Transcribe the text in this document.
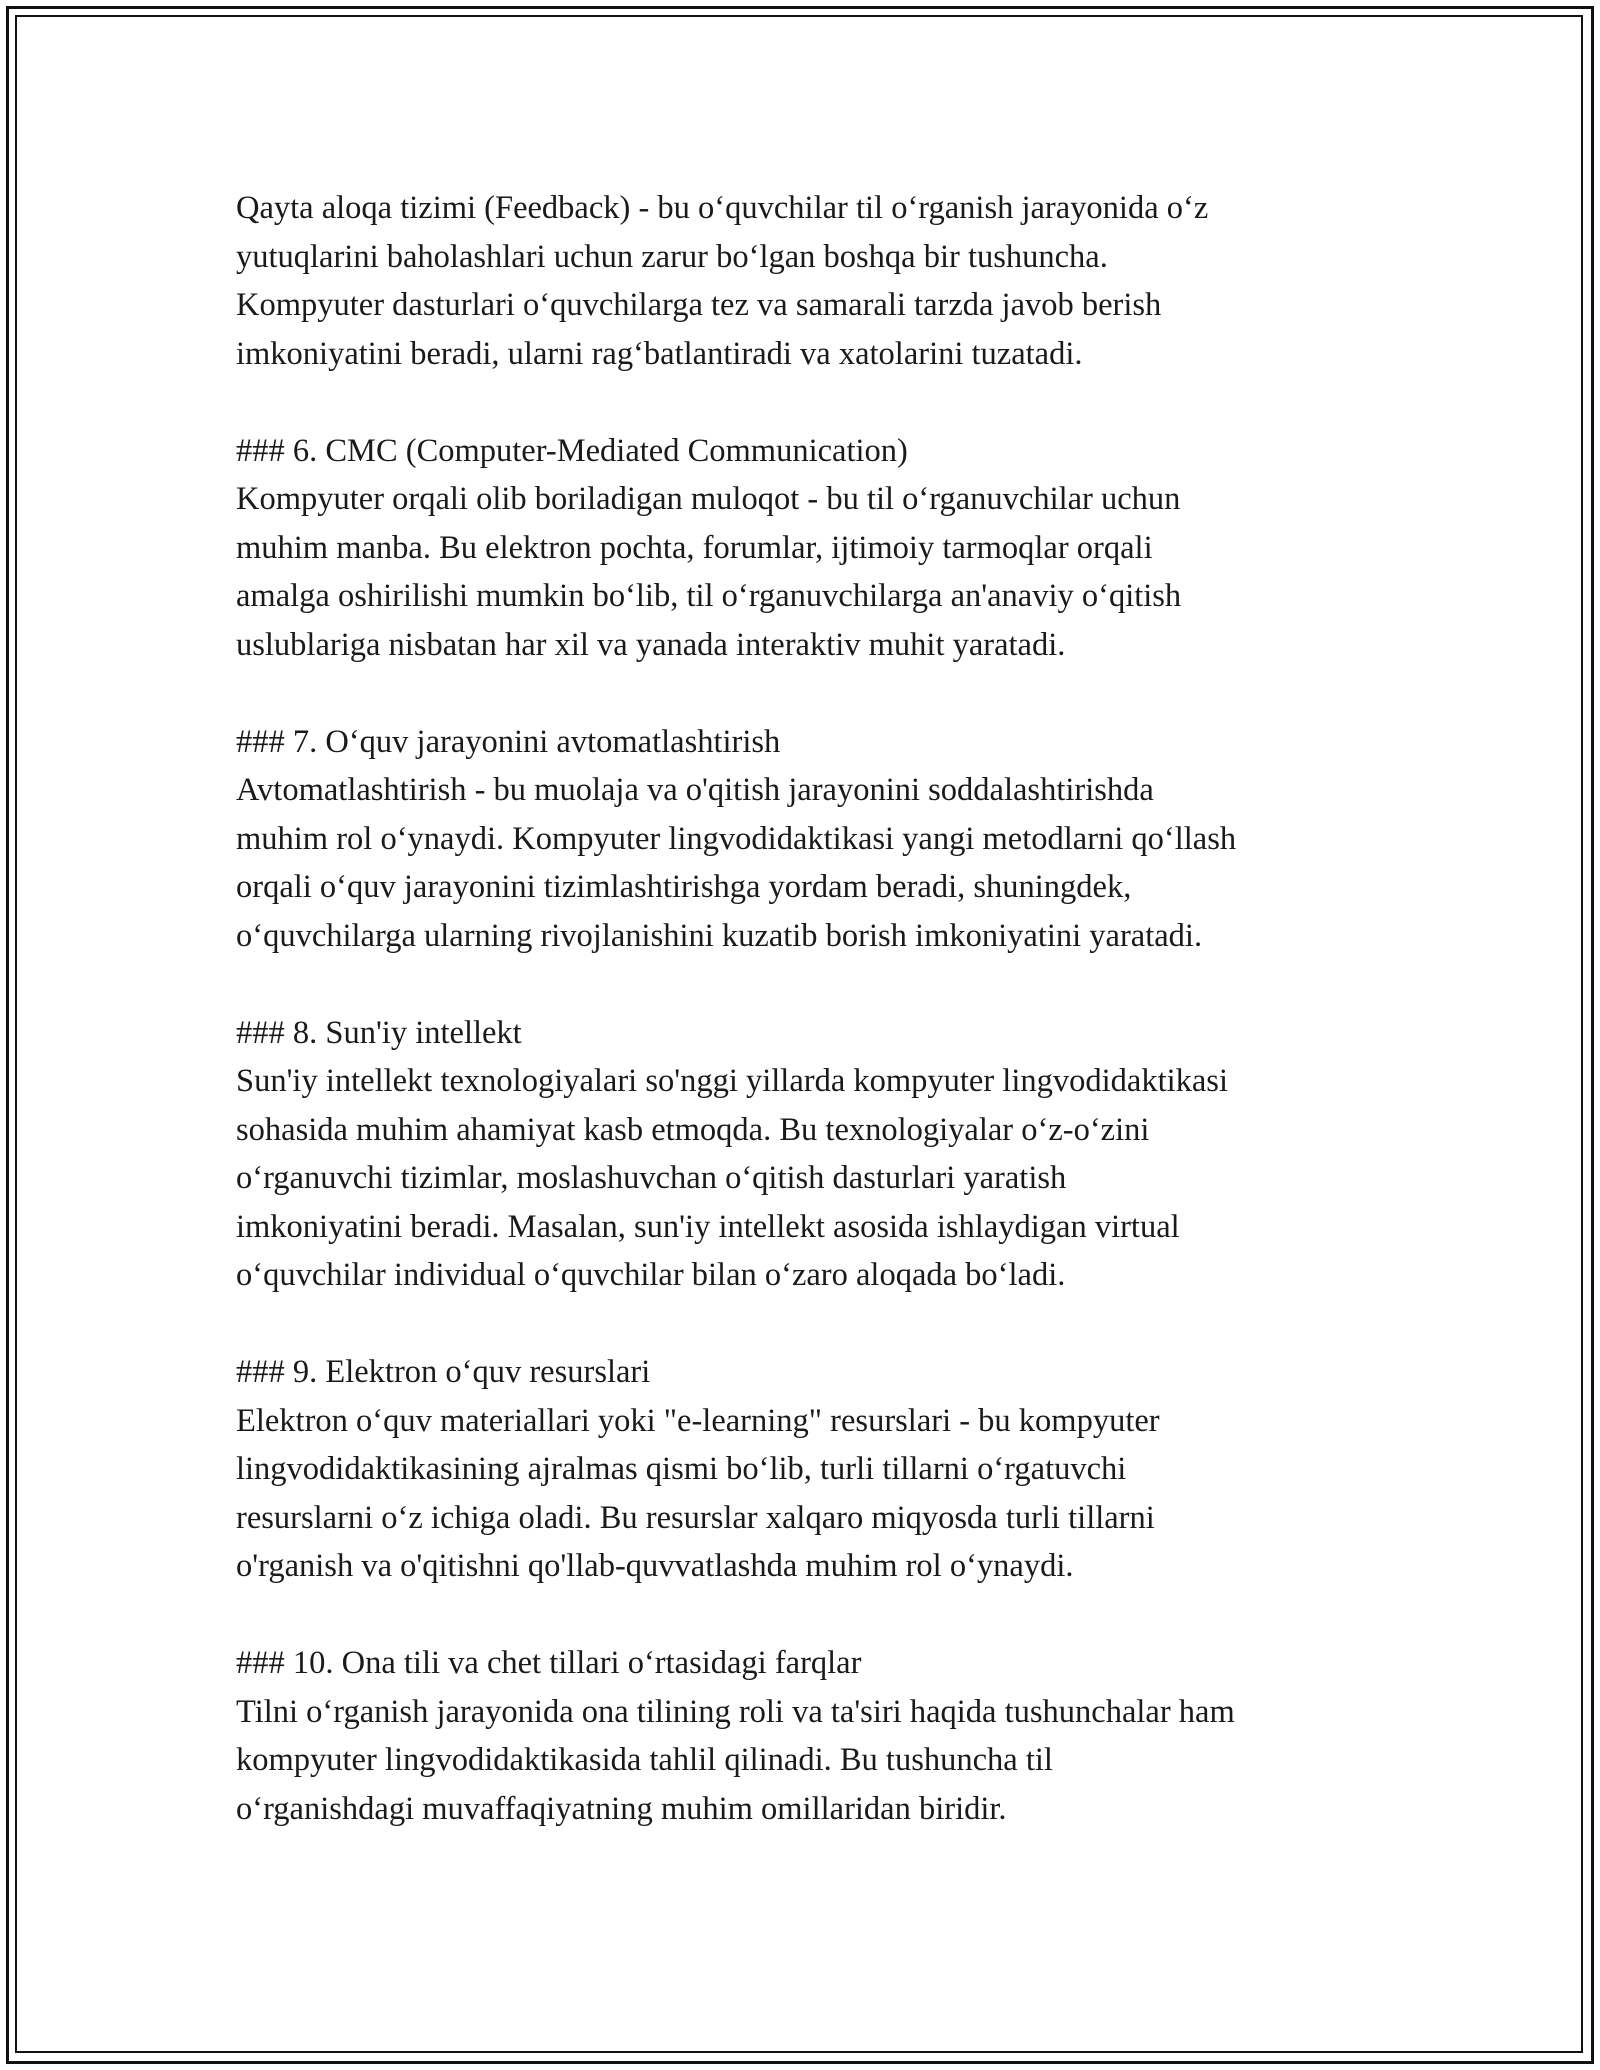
Qayta aloqa tizimi (Feedback) - bu o‘quvchilar til o‘rganish jarayonida o‘z
yutuqlarini baholashlari uchun zarur bo‘lgan boshqa bir tushuncha.
Kompyuter dasturlari o‘quvchilarga tez va samarali tarzda javob berish
imkoniyatini beradi, ularni rag‘batlantiradi va xatolarini tuzatadi.

### 6. CMC (Computer-Mediated Communication)
Kompyuter orqali olib boriladigan muloqot - bu til o‘rganuvchilar uchun
muhim manba. Bu elektron pochta, forumlar, ijtimoiy tarmoqlar orqali
amalga oshirilishi mumkin bo‘lib, til o‘rganuvchilarga an'anaviy o‘qitish
uslublariga nisbatan har xil va yanada interaktiv muhit yaratadi.

### 7. O‘quv jarayonini avtomatlashtirish
Avtomatlashtirish - bu muolaja va o'qitish jarayonini soddalashtirishda
muhim rol o‘ynaydi. Kompyuter lingvodidaktikasi yangi metodlarni qo‘llash
orqali o‘quv jarayonini tizimlashtirishga yordam beradi, shuningdek,
o‘quvchilarga ularning rivojlanishini kuzatib borish imkoniyatini yaratadi.

### 8. Sun'iy intellekt
Sun'iy intellekt texnologiyalari so'nggi yillarda kompyuter lingvodidaktikasi
sohasida muhim ahamiyat kasb etmoqda. Bu texnologiyalar o‘z-o‘zini
o‘rganuvchi tizimlar, moslashuvchan o‘qitish dasturlari yaratish
imkoniyatini beradi. Masalan, sun'iy intellekt asosida ishlaydigan virtual
o‘quvchilar individual o‘quvchilar bilan o‘zaro aloqada bo‘ladi.

### 9. Elektron o‘quv resurslari
Elektron o‘quv materiallari yoki "e-learning" resurslari - bu kompyuter
lingvodidaktikasining ajralmas qismi bo‘lib, turli tillarni o‘rgatuvchi
resurslarni o‘z ichiga oladi. Bu resurslar xalqaro miqyosda turli tillarni
o'rganish va o'qitishni qo'llab-quvvatlashda muhim rol o‘ynaydi.

### 10. Ona tili va chet tillari o‘rtasidagi farqlar
Tilni o‘rganish jarayonida ona tilining roli va ta'siri haqida tushunchalar ham
kompyuter lingvodidaktikasida tahlil qilinadi. Bu tushuncha til
o‘rganishdagi muvaffaqiyatning muhim omillaridan biridir.
